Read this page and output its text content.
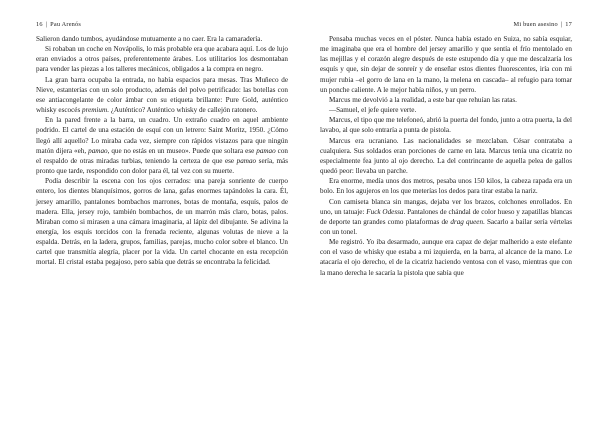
16 | Pau Arenós

Salieron dando tumbos, ayudándose mutuamente a no caer. Era la camaradería.

Si robaban un coche en Novápolis, lo más probable era que acabara aquí. Los de lujo eran enviados a otros países, preferentemente árabes. Los utilitarios los desmontaban para vender las piezas a los talleres mecánicos, obligados a la compra en negro.

La gran barra ocupaba la entrada, no había espacios para mesas. Tras Muñeco de Nieve, estanterías con un solo producto, además del polvo petrificado: las botellas con ese antiacongelante de color ámbar con su etiqueta brillante: Pure Gold, auténtico whisky escocés premium. ¿Auténtico? Auténtico whisky de callejón ratonero.

En la pared frente a la barra, un cuadro. Un extraño cuadro en aquel ambiente podrido. El cartel de una estación de esquí con un letrero: Saint Moritz, 1950. ¿Cómo llegó allí aquello? Lo miraba cada vez, siempre con rápidos vistazos para que ningún matón dijera «eh, pamao, que no estás en un museo». Puede que soltara ese pamao con el respaldo de otras miradas turbias, teniendo la certeza de que ese pamao sería, más pronto que tarde, respondido con dolor para él, tal vez con su muerte.

Podía describir la escena con los ojos cerrados: una pareja sonriente de cuerpo entero, los dientes blanquísimos, gorros de lana, gafas enormes tapándoles la cara. Él, jersey amarillo, pantalones bombachos marrones, botas de montaña, esquís, palos de madera. Ella, jersey rojo, también bombachos, de un marrón más claro, botas, palos. Miraban como si mirasen a una cámara imaginaria, al lápiz del dibujante. Se adivina la energía, los esquís torcidos con la frenada reciente, algunas volutas de nieve a la espalda. Detrás, en la ladera, grupos, familias, parejas, mucho color sobre el blanco. Un cartel que transmitía alegría, placer por la vida. Un cartel chocante en esta recepción mortal. El cristal estaba pegajoso, pero sabía que detrás se encontraba la felicidad.

Mi buen asesino | 17

Pensaba muchas veces en el póster. Nunca había estado en Suiza, no sabía esquiar, me imaginaba que era el hombre del jersey amarillo y que sentía el frío mentolado en las mejillas y el corazón alegre después de este estupendo día y que me descalzaría los esquís y que, sin dejar de sonreír y de enseñar estos dientes fluorescentes, iría con mi mujer rubia –el gorro de lana en la mano, la melena en cascada– al refugio para tomar un ponche caliente. A le mejor había niños, y un perro.

Marcus me devolvió a la realidad, a este bar que rehuían las ratas.

—Samuel, el jefe quiere verte.

Marcus, el tipo que me telefoneó, abrió la puerta del fondo, junto a otra puerta, la del lavabo, al que solo entraría a punta de pistola.

Marcus era ucraniano. Las nacionalidades se mezclaban. César contrataba a cualquiera. Sus soldados eran porciones de carne en lata. Marcus tenía una cicatriz no especialmente fea junto al ojo derecho. La del contrincante de aquella pelea de gallos quedó peor: llevaba un parche.

Era enorme, medía unos dos metros, pesaba unos 150 kilos, la cabeza rapada era un bolo. En los agujeros en los que meterías los dedos para tirar estaba la nariz.

Con camiseta blanca sin mangas, dejaba ver los brazos, colchones enrollados. En uno, un tatuaje: Fuck Odessa. Pantalones de chándal de color hueso y zapatillas blancas de deporte tan grandes como plataformas de drag queen. Sacarlo a bailar sería vértelas con un tonel.

Me registró. Yo iba desarmado, aunque era capaz de dejar malherido a este elefante con el vaso de whisky que estaba a mi izquierda, en la barra, al alcance de la mano. Le atacaría el ojo derecho, el de la cicatriz haciendo ventosa con el vaso, mientras que con la mano derecha le sacaría la pistola que sabía que
